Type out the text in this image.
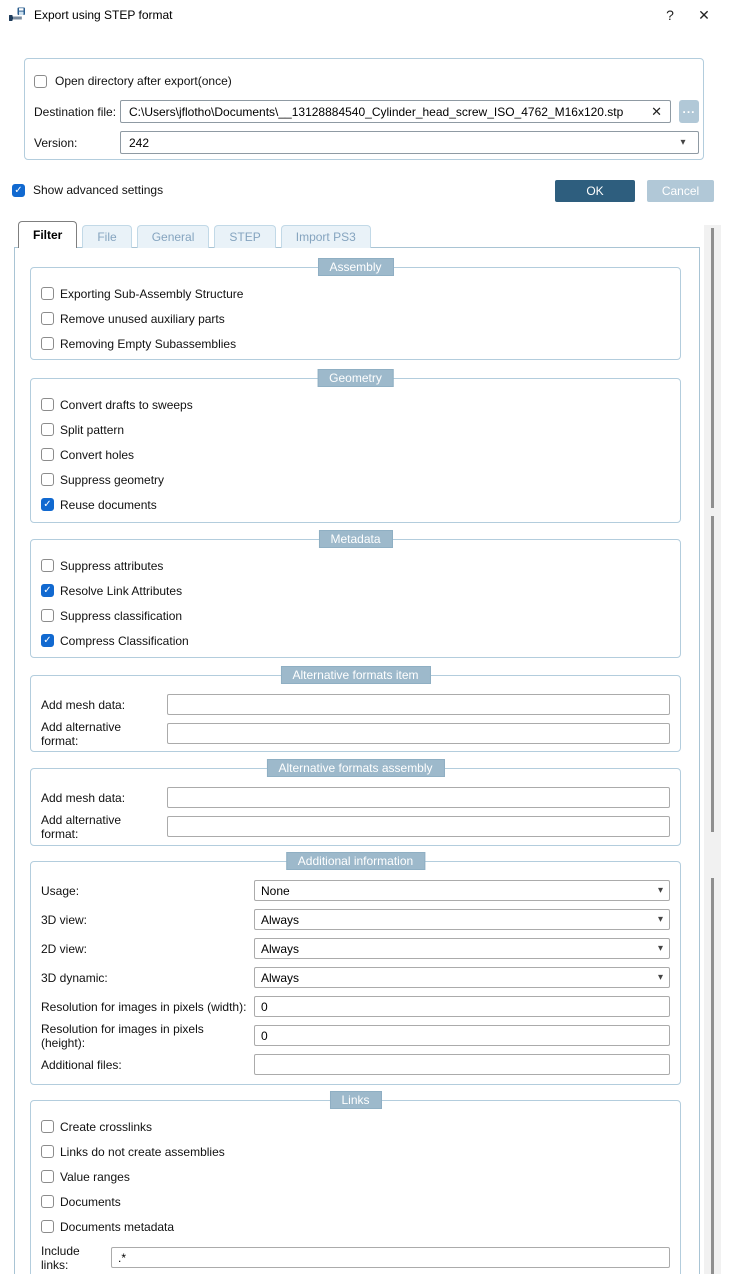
Export using STEP format	?	✕
Open directory after export(once)
Destination file:	C:\Users\jflotho\Documents\__13128884540_Cylinder_head_screw_ISO_4762_M16x120.stp	✕ ...
Version:	242	▾
✓ Show advanced settings	OK	Cancel
Filter	File	General	STEP	Import PS3
Assembly
Exporting Sub-Assembly Structure
Remove unused auxiliary parts
Removing Empty Subassemblies
Geometry
Convert drafts to sweeps
Split pattern
Convert holes
Suppress geometry
✓ Reuse documents
Metadata
Suppress attributes
✓ Resolve Link Attributes
Suppress classification
✓ Compress Classification
Alternative formats item
Add mesh data:
Add alternative format:
Alternative formats assembly
Add mesh data:
Add alternative format:
Additional information
Usage:	None	▾
3D view:	Always	▾
2D view:	Always	▾
3D dynamic:	Always	▾
Resolution for images in pixels (width):
0
Resolution for images in pixels (height):
0
Additional files:
Links
Create crosslinks
Links do not create assemblies
Value ranges
Documents
Documents metadata
Include links:
.*
